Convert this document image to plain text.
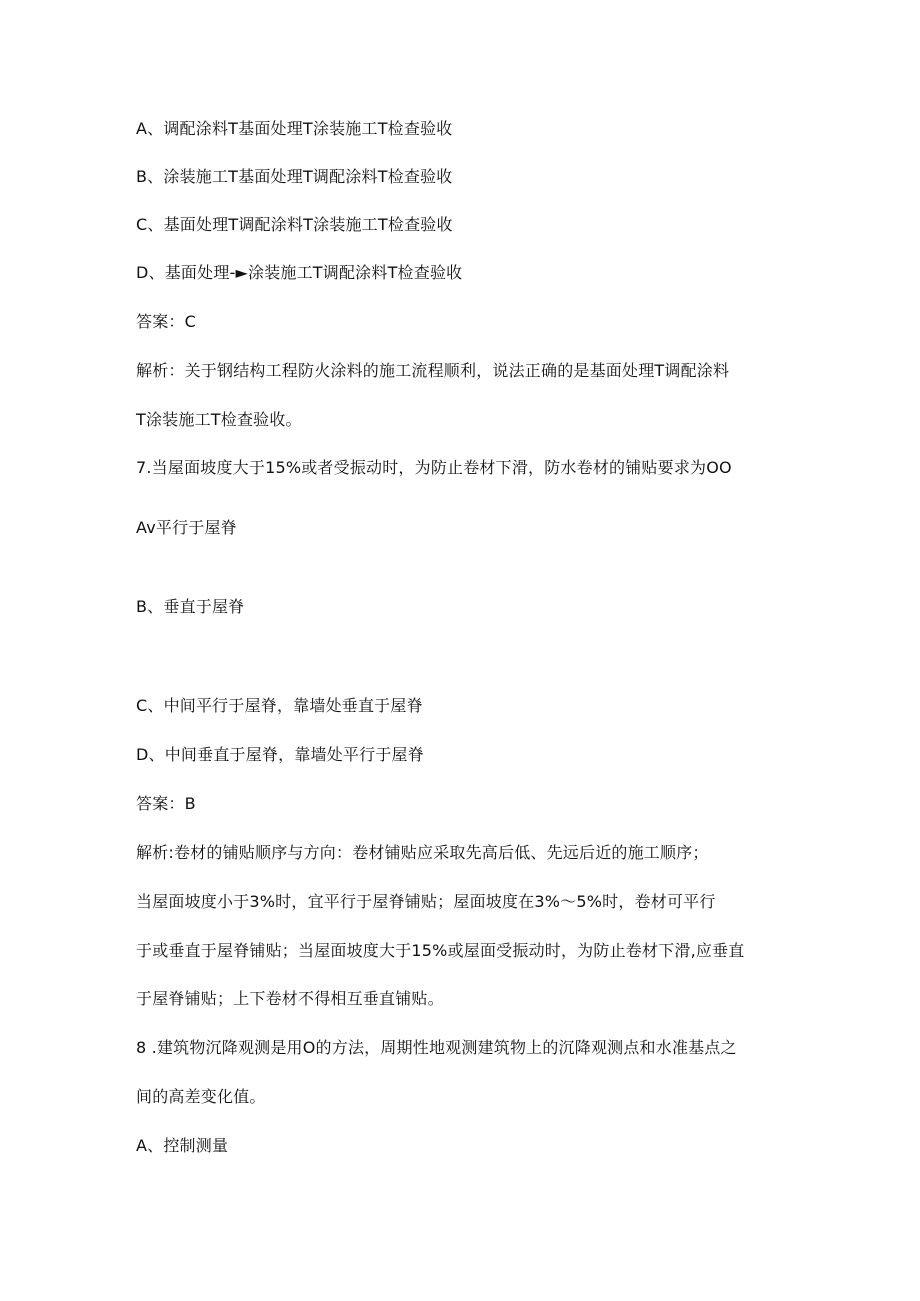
A、调配涂料T基面处理T涂装施工T检查验收
B、涂装施工T基面处理T调配涂料T检查验收
C、基面处理T调配涂料T涂装施工T检查验收
D、基面处理-►涂装施工T调配涂料T检查验收
答案：C
解析：关于钢结构工程防火涂料的施工流程顺利，说法正确的是基面处理T调配涂料
T涂装施工T检查验收。
7.当屋面坡度大于15%或者受振动时，为防止卷材下滑，防水卷材的铺贴要求为OO
Av平行于屋脊
B、垂直于屋脊
C、中间平行于屋脊，靠墙处垂直于屋脊
D、中间垂直于屋脊，靠墙处平行于屋脊
答案：B
解析:卷材的铺贴顺序与方向：卷材铺贴应采取先高后低、先远后近的施工顺序；
当屋面坡度小于3%时，宜平行于屋脊铺贴；屋面坡度在3%〜5%时，卷材可平行
于或垂直于屋脊铺贴；当屋面坡度大于15%或屋面受振动时，为防止卷材下滑,应垂直
于屋脊铺贴；上下卷材不得相互垂直铺贴。
8 .建筑物沉降观测是用O的方法，周期性地观测建筑物上的沉降观测点和水准基点之
间的高差变化值。
A、控制测量
